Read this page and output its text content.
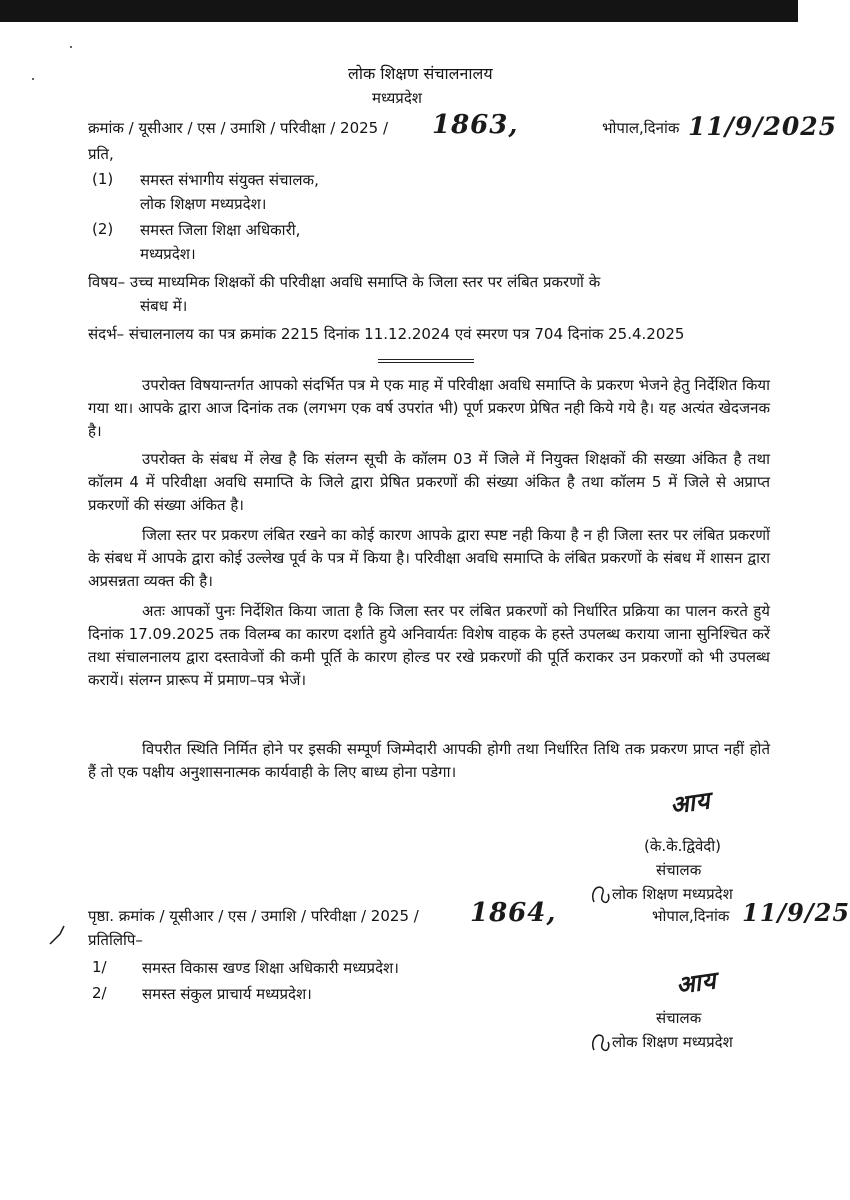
लोक शिक्षण संचालनालय
मध्यप्रदेश
क्रमांक / यूसीआर / एस / उमाशि / परिवीक्षा / 2025 / 1863,	भोपाल,दिनांक 11/9/2025
प्रति,
(1) समस्त संभागीय संयुक्त संचालक,
लोक शिक्षण मध्यप्रदेश।
(2) समस्त जिला शिक्षा अधिकारी,
मध्यप्रदेश।
विषय– उच्च माध्यमिक शिक्षकों की परिवीक्षा अवधि समाप्ति के जिला स्तर पर लंबित प्रकरणों के
संबध में।
संदर्भ– संचालनालय का पत्र क्रमांक 2215 दिनांक 11.12.2024 एवं स्मरण पत्र 704 दिनांक 25.4.2025
उपरोक्त विषयान्तर्गत आपको संदर्भित पत्र मे एक माह में परिवीक्षा अवधि समाप्ति के प्रकरण भेजने हेतु निर्देशित किया गया था। आपके द्वारा आज दिनांक तक (लगभग एक वर्ष उपरांत भी) पूर्ण प्रकरण प्रेषित नही किये गये है। यह अत्यंत खेदजनक है।
उपरोक्त के संबध में लेख है कि संलग्न सूची के कॉलम 03 में जिले में नियुक्त शिक्षकों की सख्या अंकित है तथा कॉलम 4 में परिवीक्षा अवधि समाप्ति के जिले द्वारा प्रेषित प्रकरणों की संख्या अंकित है तथा कॉलम 5 में जिले से अप्राप्त प्रकरणों की संख्या अंकित है।
जिला स्तर पर प्रकरण लंबित रखने का कोई कारण आपके द्वारा स्पष्ट नही किया है न ही जिला स्तर पर लंबित प्रकरणों के संबध में आपके द्वारा कोई उल्लेख पूर्व के पत्र में किया है। परिवीक्षा अवधि समाप्ति के लंबित प्रकरणों के संबध में शासन द्वारा अप्रसन्नता व्यक्त की है।
अतः आपकों पुनः निर्देशित किया जाता है कि जिला स्तर पर लंबित प्रकरणों को निर्धारित प्रक्रिया का पालन करते हुये दिनांक 17.09.2025 तक विलम्ब का कारण दर्शाते हुये अनिवार्यतः विशेष वाहक के हस्ते उपलब्ध कराया जाना सुनिश्चित करें तथा संचालनालय द्वारा दस्तावेजों की कमी पूर्ति के कारण होल्ड पर रखे प्रकरणों की पूर्ति कराकर उन प्रकरणों को भी उपलब्ध करायें। संलग्न प्रारूप में प्रमाण–पत्र भेजें।
विपरीत स्थिति निर्मित होने पर इसकी सम्पूर्ण जिम्मेदारी आपकी होगी तथा निर्धारित तिथि तक प्रकरण प्राप्त नहीं होते हैं तो एक पक्षीय अनुशासनात्मक कार्यवाही के लिए बाध्य होना पडेगा।
आय
(के.के.द्विवेदी)
संचालक
लोक शिक्षण मध्यप्रदेश
पृष्ठा. क्रमांक / यूसीआर / एस / उमाशि / परिवीक्षा / 2025 / 1864,	भोपाल,दिनांक 11/9/25
प्रतिलिपि–
1/ समस्त विकास खण्ड शिक्षा अधिकारी मध्यप्रदेश।
2/ समस्त संकुल प्राचार्य मध्यप्रदेश।	आय
संचालक
लोक शिक्षण मध्यप्रदेश
